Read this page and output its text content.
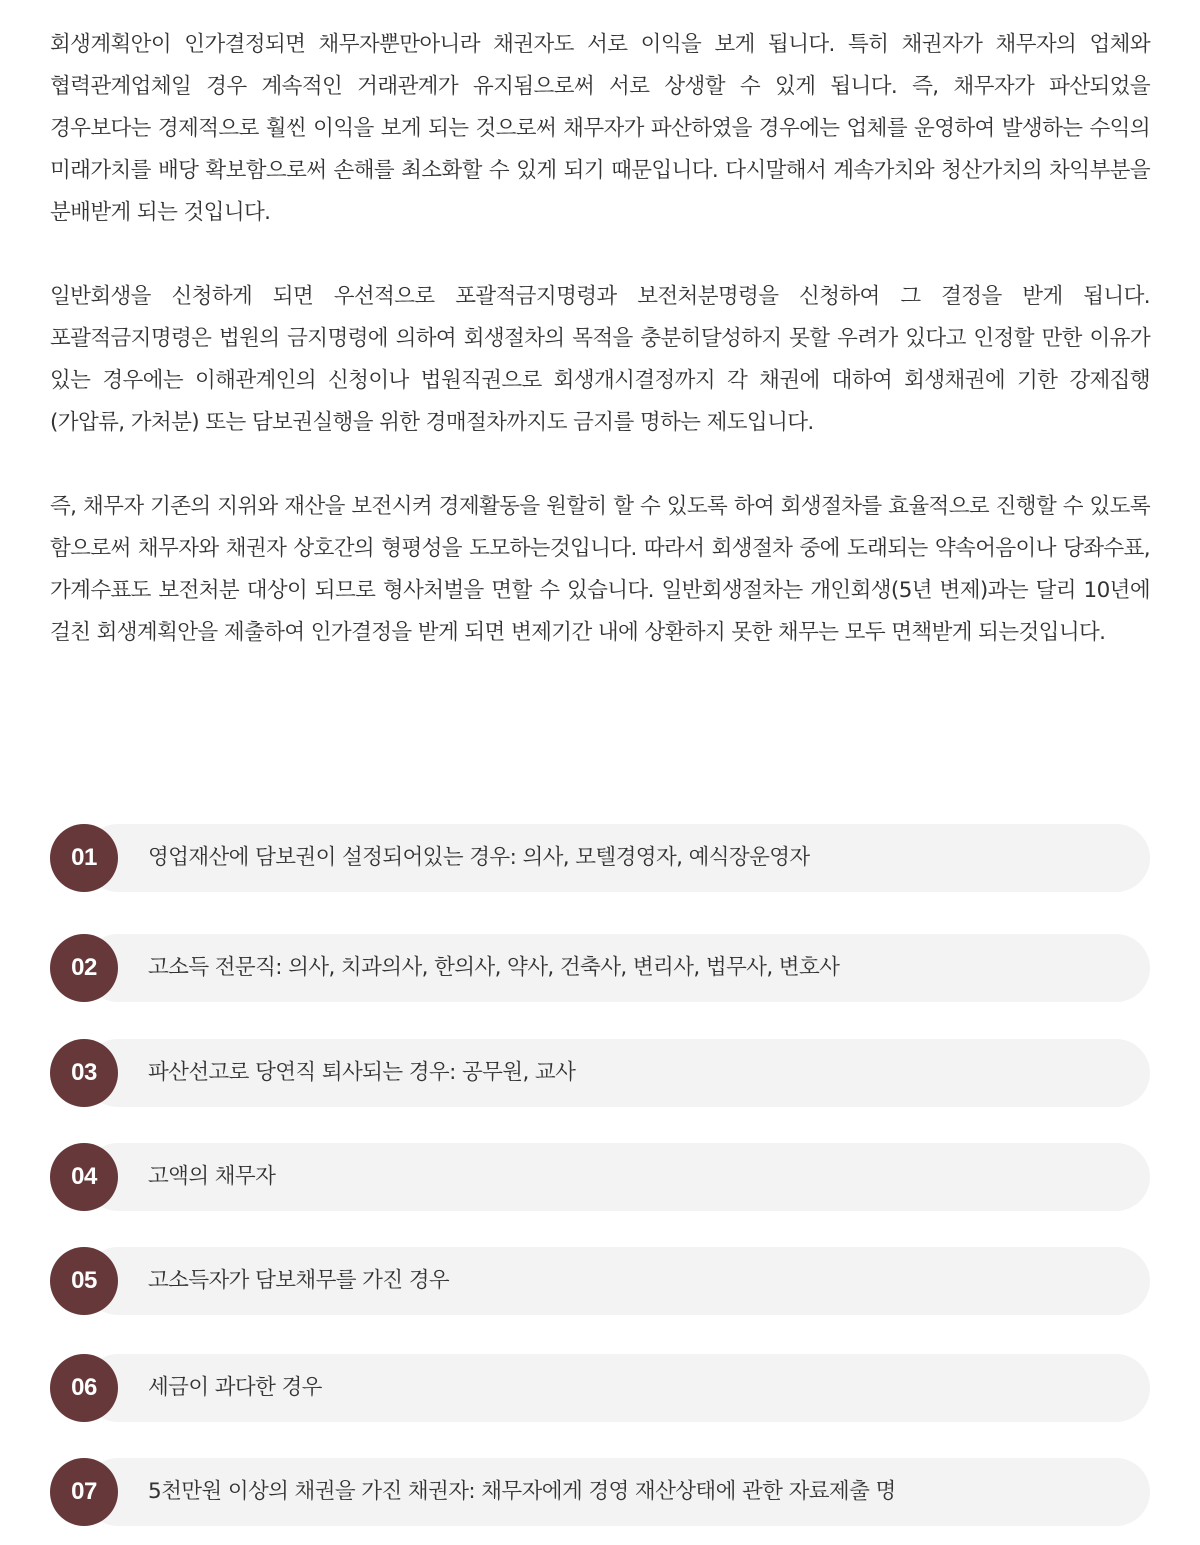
회생계획안이 인가결정되면 채무자뿐만아니라 채권자도 서로 이익을 보게 됩니다. 특히 채권자가 채무자의 업체와 협력관계업체일 경우 계속적인 거래관계가 유지됨으로써 서로 상생할 수 있게 됩니다. 즉, 채무자가 파산되었을 경우보다는 경제적으로 훨씬 이익을 보게 되는 것으로써 채무자가 파산하였을 경우에는 업체를 운영하여 발생하는 수익의 미래가치를 배당 확보함으로써 손해를 최소화할 수 있게 되기 때문입니다. 다시말해서 계속가치와 청산가치의 차익부분을 분배받게 되는 것입니다.

일반회생을 신청하게 되면 우선적으로 포괄적금지명령과 보전처분명령을 신청하여 그 결정을 받게 됩니다. 포괄적금지명령은 법원의 금지명령에 의하여 회생절차의 목적을 충분히달성하지 못할 우려가 있다고 인정할 만한 이유가 있는 경우에는 이해관계인의 신청이나 법원직권으로 회생개시결정까지 각 채권에 대하여 회생채권에 기한 강제집행(가압류, 가처분) 또는 담보권실행을 위한 경매절차까지도 금지를 명하는 제도입니다.

즉, 채무자 기존의 지위와 재산을 보전시켜 경제활동을 원할히 할 수 있도록 하여 회생절차를 효율적으로 진행할 수 있도록 함으로써 채무자와 채권자 상호간의 형평성을 도모하는것입니다. 따라서 회생절차 중에 도래되는 약속어음이나 당좌수표, 가계수표도 보전처분 대상이 되므로 형사처벌을 면할 수 있습니다. 일반회생절차는 개인회생(5년 변제)과는 달리 10년에 걸친 회생계획안을 제출하여 인가결정을 받게 되면 변제기간 내에 상환하지 못한 채무는 모두 면책받게 되는것입니다.

01	영업재산에 담보권이 설정되어있는 경우: 의사, 모텔경영자, 예식장운영자
02	고소득 전문직: 의사, 치과의사, 한의사, 약사, 건축사, 변리사, 법무사, 변호사
03	파산선고로 당연직 퇴사되는 경우: 공무원, 교사
04	고액의 채무자
05	고소득자가 담보채무를 가진 경우
06	세금이 과다한 경우
07	5천만원 이상의 채권을 가진 채권자: 채무자에게 경영 재산상태에 관한 자료제출 명
